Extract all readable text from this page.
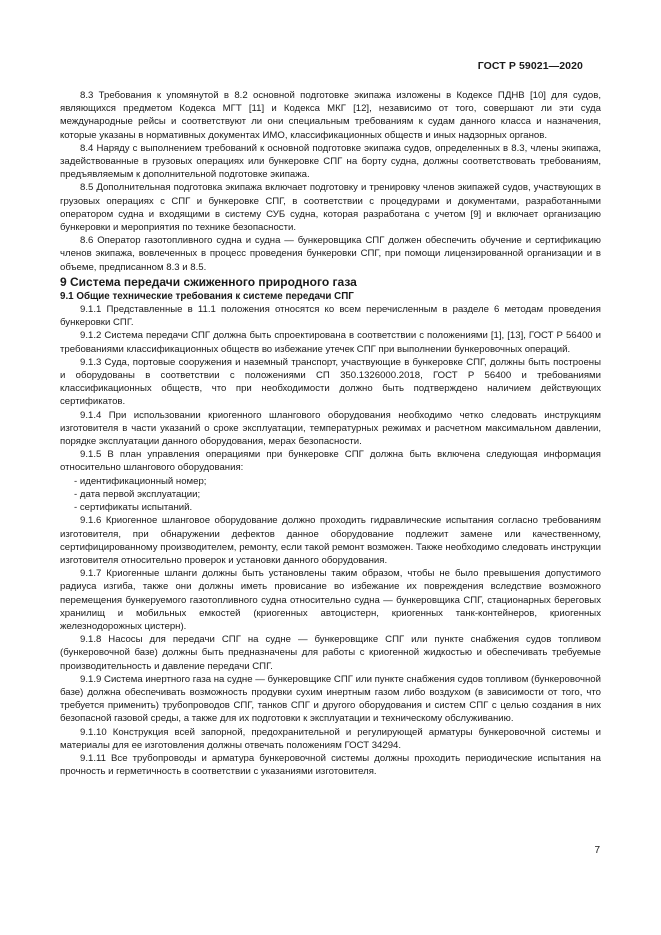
ГОСТ Р 59021—2020

8.3 Требования к упомянутой в 8.2 основной подготовке экипажа изложены в Кодексе ПДНВ [10] для судов, являющихся предметом Кодекса МГТ [11] и Кодекса МКГ [12], независимо от того, совершают ли эти суда международные рейсы и соответствуют ли они специальным требованиям к судам данного класса и назначения, которые указаны в нормативных документах ИМО, классификационных обществ и иных надзорных органов.

8.4 Наряду с выполнением требований к основной подготовке экипажа судов, определенных в 8.3, члены экипажа, задействованные в грузовых операциях или бункеровке СПГ на борту судна, должны соответствовать требованиям, предъявляемым к дополнительной подготовке экипажа.

8.5 Дополнительная подготовка экипажа включает подготовку и тренировку членов экипажей судов, участвующих в грузовых операциях с СПГ и бункеровке СПГ, в соответствии с процедурами и документами, разработанными оператором судна и входящими в систему СУБ судна, которая разработана с учетом [9] и включает организацию бункеровки и мероприятия по технике безопасности.

8.6 Оператор газотопливного судна и судна — бункеровщика СПГ должен обеспечить обучение и сертификацию членов экипажа, вовлеченных в процесс проведения бункеровки СПГ, при помощи лицензированной организации и в объеме, предписанном 8.3 и 8.5.

9 Система передачи сжиженного природного газа

9.1 Общие технические требования к системе передачи СПГ

9.1.1 Представленные в 11.1 положения относятся ко всем перечисленным в разделе 6 методам проведения бункеровки СПГ.

9.1.2 Система передачи СПГ должна быть спроектирована в соответствии с положениями [1], [13], ГОСТ Р 56400 и требованиями классификационных обществ во избежание утечек СПГ при выполнении бункеровочных операций.

9.1.3 Суда, портовые сооружения и наземный транспорт, участвующие в бункеровке СПГ, должны быть построены и оборудованы в соответствии с положениями СП 350.1326000.2018, ГОСТ Р 56400 и требованиями классификационных обществ, что при необходимости должно быть подтверждено наличием действующих сертификатов.

9.1.4 При использовании криогенного шлангового оборудования необходимо четко следовать инструкциям изготовителя в части указаний о сроке эксплуатации, температурных режимах и расчетном максимальном давлении, порядке эксплуатации данного оборудования, мерах безопасности.

9.1.5 В план управления операциями при бункеровке СПГ должна быть включена следующая информация относительно шлангового оборудования:

- идентификационный номер;

- дата первой эксплуатации;

- сертификаты испытаний.

9.1.6 Криогенное шланговое оборудование должно проходить гидравлические испытания согласно требованиям изготовителя, при обнаружении дефектов данное оборудование подлежит замене или качественному, сертифицированному производителем, ремонту, если такой ремонт возможен. Также необходимо следовать инструкции изготовителя относительно проверок и установки данного оборудования.

9.1.7 Криогенные шланги должны быть установлены таким образом, чтобы не было превышения допустимого радиуса изгиба, также они должны иметь провисание во избежание их повреждения вследствие возможного перемещения бункеруемого газотопливного судна относительно судна — бункеровщика СПГ, стационарных береговых хранилищ и мобильных емкостей (криогенных автоцистерн, криогенных танк-контейнеров, криогенных железнодорожных цистерн).

9.1.8 Насосы для передачи СПГ на судне — бункеровщике СПГ или пункте снабжения судов топливом (бункеровочной базе) должны быть предназначены для работы с криогенной жидкостью и обеспечивать требуемые производительность и давление передачи СПГ.

9.1.9 Система инертного газа на судне — бункеровщике СПГ или пункте снабжения судов топливом (бункеровочной базе) должна обеспечивать возможность продувки сухим инертным газом либо воздухом (в зависимости от того, что требуется применить) трубопроводов СПГ, танков СПГ и другого оборудования и систем СПГ с целью создания в них безопасной газовой среды, а также для их подготовки к эксплуатации и техническому обслуживанию.

9.1.10 Конструкция всей запорной, предохранительной и регулирующей арматуры бункеровочной системы и материалы для ее изготовления должны отвечать положениям ГОСТ 34294.

9.1.11 Все трубопроводы и арматура бункеровочной системы должны проходить периодические испытания на прочность и герметичность в соответствии с указаниями изготовителя.

7
